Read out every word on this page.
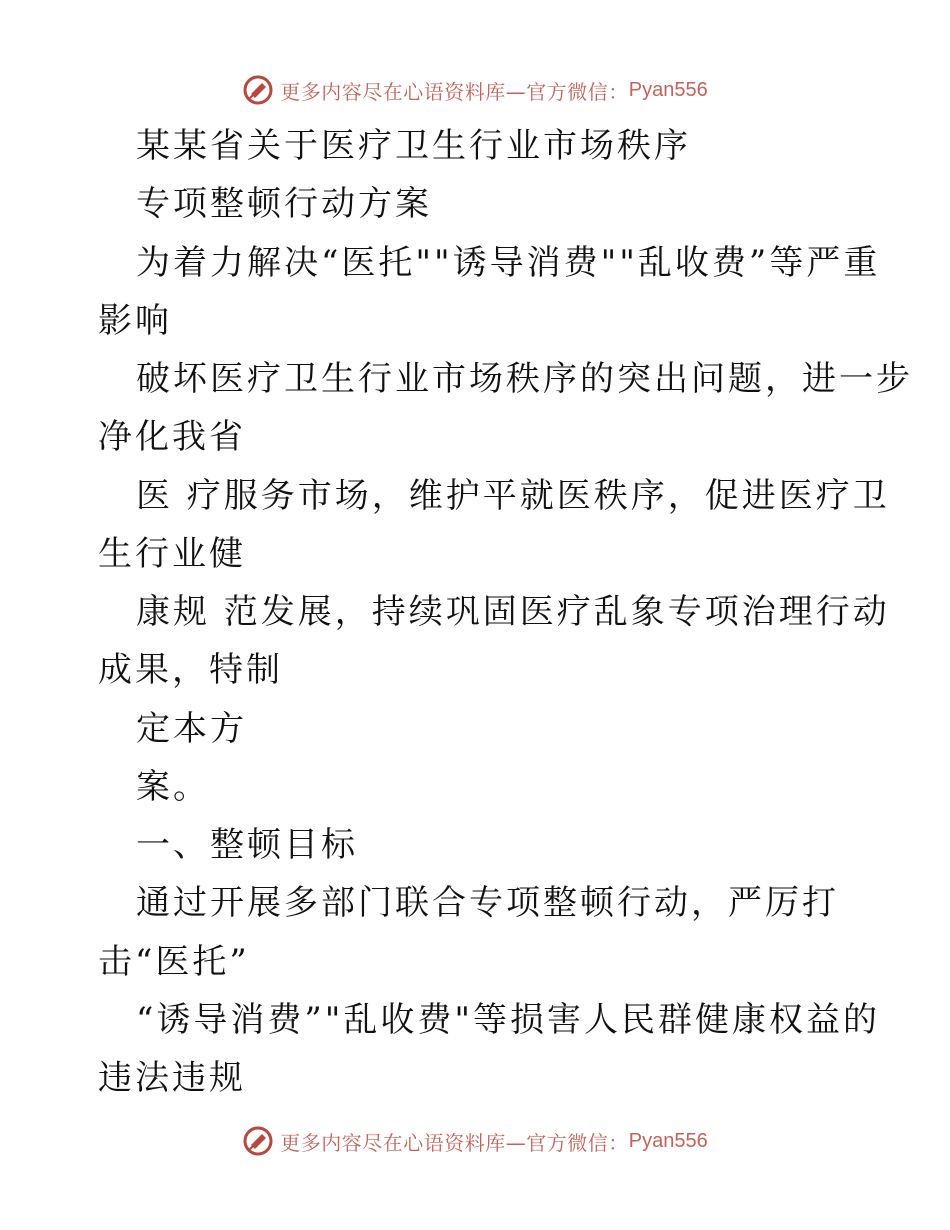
更多内容尽在心语资料库—官方微信： Pyan556
某某省关于医疗卫生行业市场秩序
专项整顿行动方案
为着力解决“医托""诱导消费""乱收费”等严重
影响
破坏医疗卫生行业市场秩序的突出问题，进一步
净化我省
医 疗服务市场，维护平就医秩序，促进医疗卫
生行业健
康规 范发展，持续巩固医疗乱象专项治理行动
成果，特制
定本方
案。
一、整顿目标
通过开展多部门联合专项整顿行动，严厉打
击“医托”
“诱导消费”"乱收费"等损害人民群健康权益的
违法违规
更多内容尽在心语资料库—官方微信： Pyan556
